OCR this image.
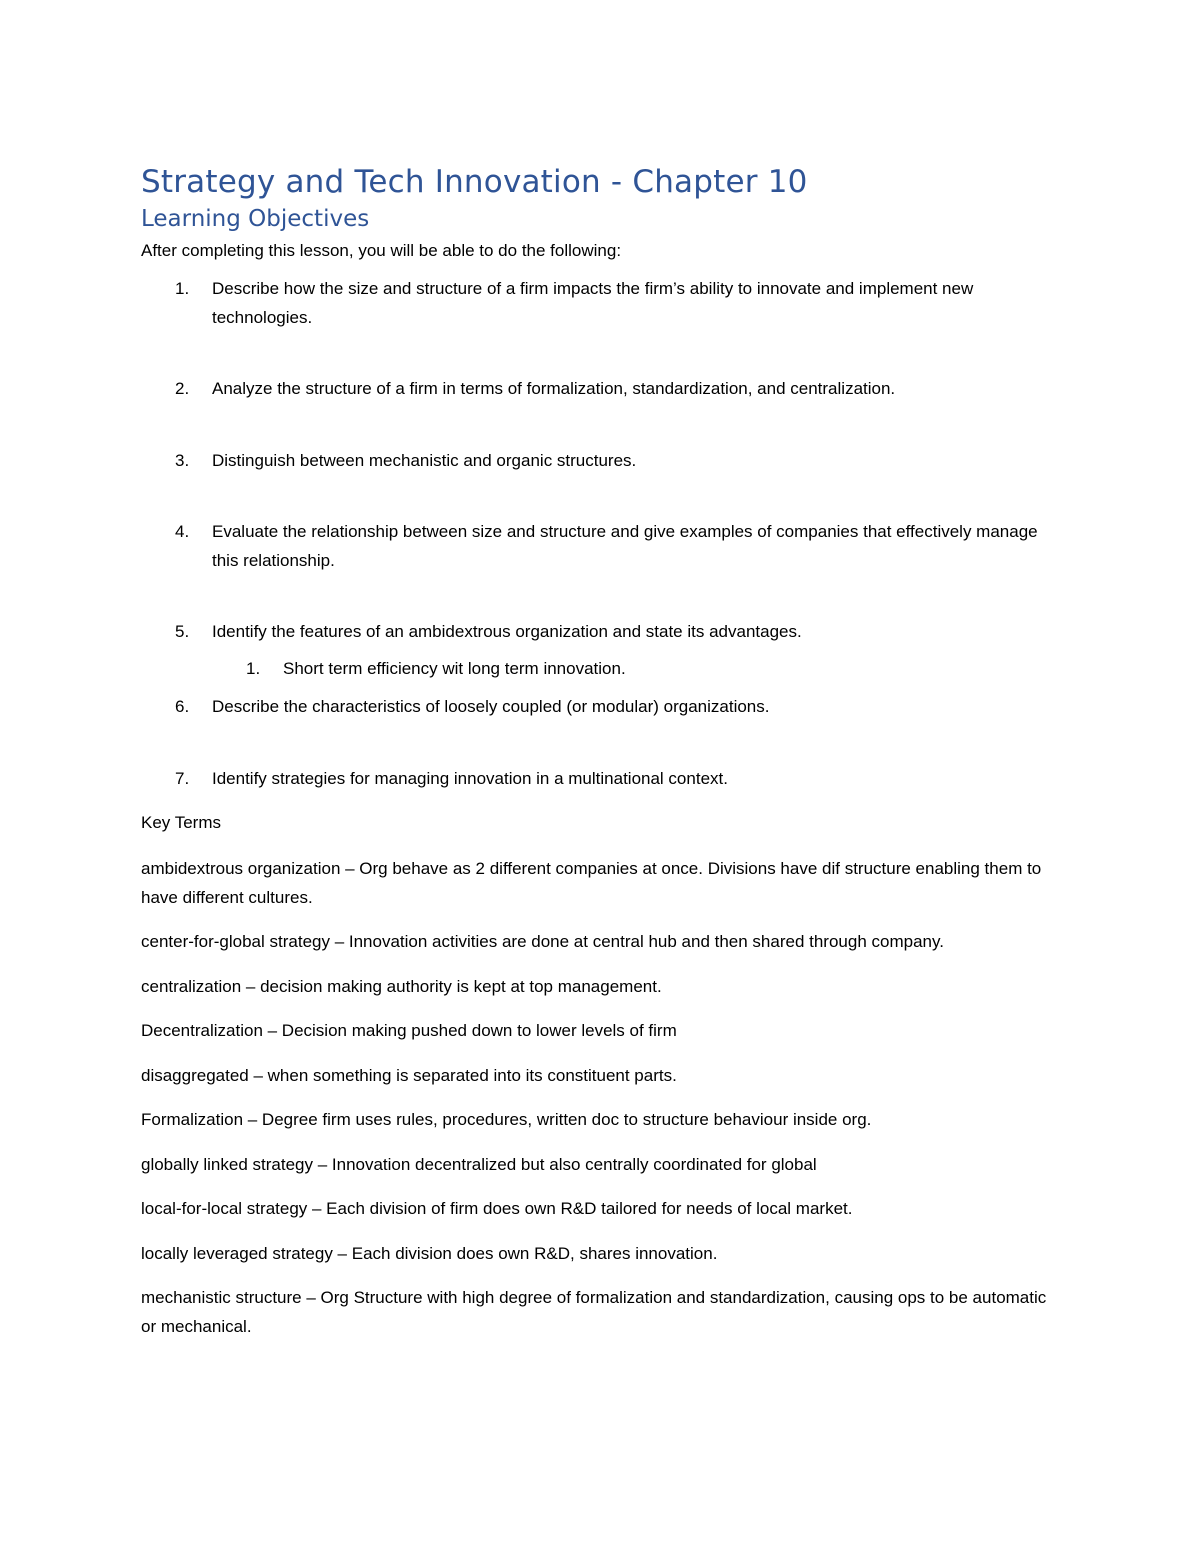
Strategy and Tech Innovation - Chapter 10
Learning Objectives

After completing this lesson, you will be able to do the following:

1. Describe how the size and structure of a firm impacts the firm’s ability to innovate and implement new technologies.
2. Analyze the structure of a firm in terms of formalization, standardization, and centralization.
3. Distinguish between mechanistic and organic structures.
4. Evaluate the relationship between size and structure and give examples of companies that effectively manage this relationship.
5. Identify the features of an ambidextrous organization and state its advantages.
1. Short term efficiency wit long term innovation.
6. Describe the characteristics of loosely coupled (or modular) organizations.
7. Identify strategies for managing innovation in a multinational context.

Key Terms

ambidextrous organization – Org behave as 2 different companies at once. Divisions have dif structure enabling them to have different cultures.

center-for-global strategy – Innovation activities are done at central hub and then shared through company.

centralization – decision making authority is kept at top management.

Decentralization – Decision making pushed down to lower levels of firm

disaggregated – when something is separated into its constituent parts.

Formalization – Degree firm uses rules, procedures, written doc to structure behaviour inside org.

globally linked strategy – Innovation decentralized but also centrally coordinated for global

local-for-local strategy – Each division of firm does own R&D tailored for needs of local market.

locally leveraged strategy – Each division does own R&D, shares innovation.

mechanistic structure – Org Structure with high degree of formalization and standardization, causing ops to be automatic or mechanical.
